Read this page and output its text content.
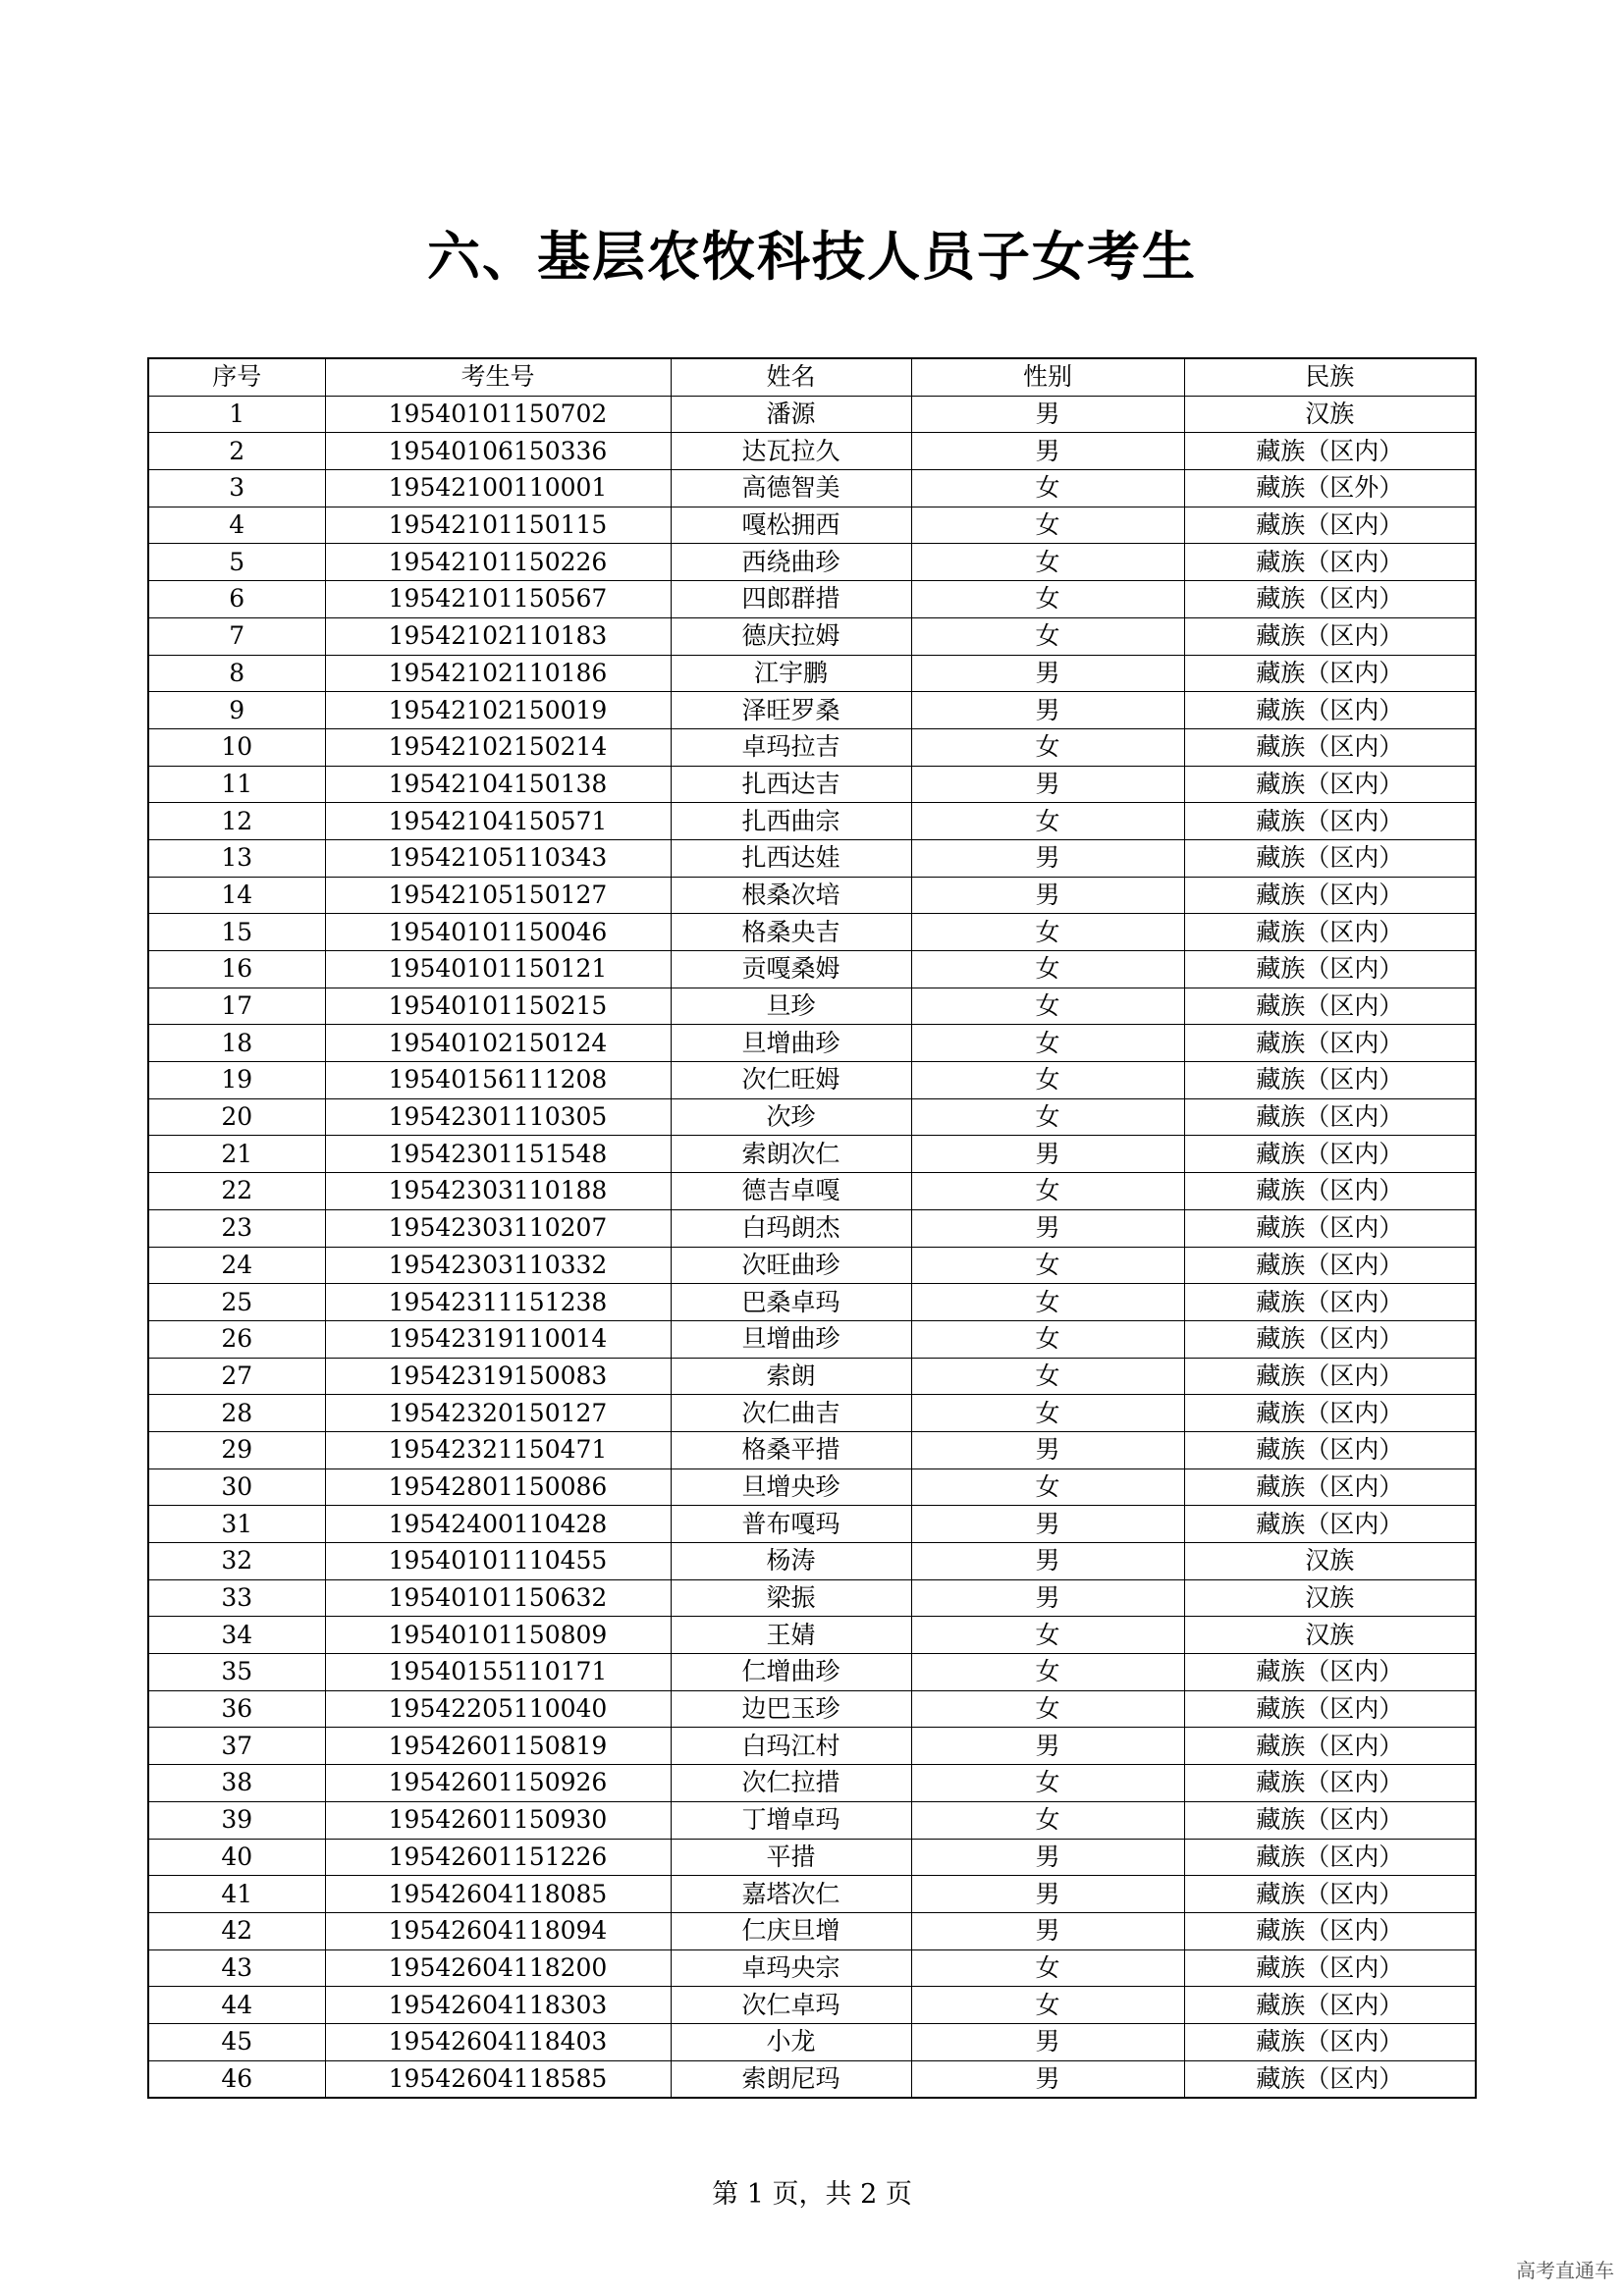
六、基层农牧科技人员子女考生
序号	考生号	姓名	性别	民族
1	19540101150702	潘源	男	汉族
2	19540106150336	达瓦拉久	男	藏族（区内）
3	19542100110001	高德智美	女	藏族（区外）
4	19542101150115	嘎松拥西	女	藏族（区内）
5	19542101150226	西绕曲珍	女	藏族（区内）
6	19542101150567	四郎群措	女	藏族（区内）
7	19542102110183	德庆拉姆	女	藏族（区内）
8	19542102110186	江宇鹏	男	藏族（区内）
9	19542102150019	泽旺罗桑	男	藏族（区内）
10	19542102150214	卓玛拉吉	女	藏族（区内）
11	19542104150138	扎西达吉	男	藏族（区内）
12	19542104150571	扎西曲宗	女	藏族（区内）
13	19542105110343	扎西达娃	男	藏族（区内）
14	19542105150127	根桑次培	男	藏族（区内）
15	19540101150046	格桑央吉	女	藏族（区内）
16	19540101150121	贡嘎桑姆	女	藏族（区内）
17	19540101150215	旦珍	女	藏族（区内）
18	19540102150124	旦增曲珍	女	藏族（区内）
19	19540156111208	次仁旺姆	女	藏族（区内）
20	19542301110305	次珍	女	藏族（区内）
21	19542301151548	索朗次仁	男	藏族（区内）
22	19542303110188	德吉卓嘎	女	藏族（区内）
23	19542303110207	白玛朗杰	男	藏族（区内）
24	19542303110332	次旺曲珍	女	藏族（区内）
25	19542311151238	巴桑卓玛	女	藏族（区内）
26	19542319110014	旦增曲珍	女	藏族（区内）
27	19542319150083	索朗	女	藏族（区内）
28	19542320150127	次仁曲吉	女	藏族（区内）
29	19542321150471	格桑平措	男	藏族（区内）
30	19542801150086	旦增央珍	女	藏族（区内）
31	19542400110428	普布嘎玛	男	藏族（区内）
32	19540101110455	杨涛	男	汉族
33	19540101150632	梁振	男	汉族
34	19540101150809	王婧	女	汉族
35	19540155110171	仁增曲珍	女	藏族（区内）
36	19542205110040	边巴玉珍	女	藏族（区内）
37	19542601150819	白玛江村	男	藏族（区内）
38	19542601150926	次仁拉措	女	藏族（区内）
39	19542601150930	丁增卓玛	女	藏族（区内）
40	19542601151226	平措	男	藏族（区内）
41	19542604118085	嘉塔次仁	男	藏族（区内）
42	19542604118094	仁庆旦增	男	藏族（区内）
43	19542604118200	卓玛央宗	女	藏族（区内）
44	19542604118303	次仁卓玛	女	藏族（区内）
45	19542604118403	小龙	男	藏族（区内）
46	19542604118585	索朗尼玛	男	藏族（区内）
第 1 页，共 2 页
高考直通车
